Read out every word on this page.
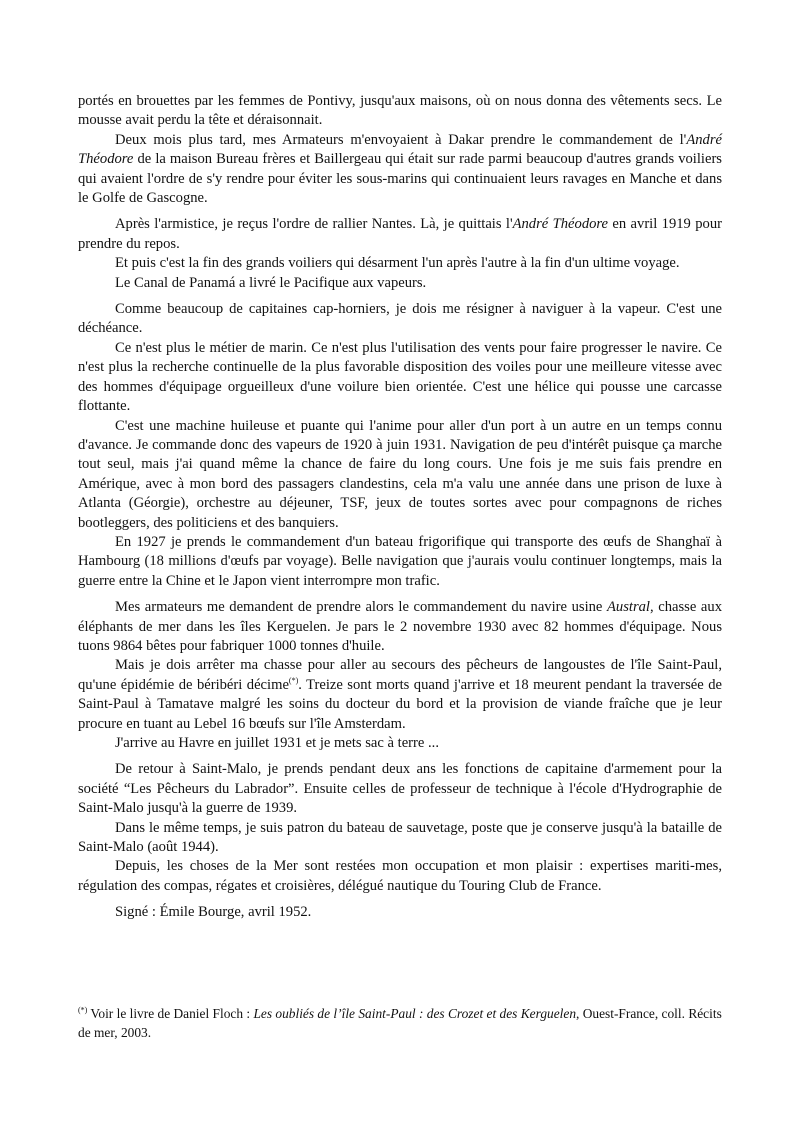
portés en brouettes par les femmes de Pontivy, jusqu'aux maisons, où on nous donna des vêtements secs. Le mousse avait perdu la tête et déraisonnait.

Deux mois plus tard, mes Armateurs m'envoyaient à Dakar prendre le commandement de l'André Théodore de la maison Bureau frères et Baillergeau qui était sur rade parmi beaucoup d'autres grands voiliers qui avaient l'ordre de s'y rendre pour éviter les sous-marins qui continuaient leurs ravages en Manche et dans le Golfe de Gascogne.

Après l'armistice, je reçus l'ordre de rallier Nantes. Là, je quittais l'André Théodore en avril 1919 pour prendre du repos.

Et puis c'est la fin des grands voiliers qui désarment l'un après l'autre à la fin d'un ultime voyage.

Le Canal de Panamá a livré le Pacifique aux vapeurs.

Comme beaucoup de capitaines cap-horniers, je dois me résigner à naviguer à la vapeur. C'est une déchéance.

Ce n'est plus le métier de marin. Ce n'est plus l'utilisation des vents pour faire progresser le navire. Ce n'est plus la recherche continuelle de la plus favorable disposition des voiles pour une meilleure vitesse avec des hommes d'équipage orgueilleux d'une voilure bien orientée. C'est une hélice qui pousse une carcasse flottante.

C'est une machine huileuse et puante qui l'anime pour aller d'un port à un autre en un temps connu d'avance. Je commande donc des vapeurs de 1920 à juin 1931. Navigation de peu d'intérêt puisque ça marche tout seul, mais j'ai quand même la chance de faire du long cours. Une fois je me suis fais prendre en Amérique, avec à mon bord des passagers clandestins, cela m'a valu une année dans une prison de luxe à Atlanta (Géorgie), orchestre au déjeuner, TSF, jeux de toutes sortes avec pour compagnons de riches bootleggers, des politiciens et des banquiers.

En 1927 je prends le commandement d'un bateau frigorifique qui transporte des œufs de Shanghaï à Hambourg (18 millions d'œufs par voyage). Belle navigation que j'aurais voulu continuer longtemps, mais la guerre entre la Chine et le Japon vient interrompre mon trafic.

Mes armateurs me demandent de prendre alors le commandement du navire usine Austral, chasse aux éléphants de mer dans les îles Kerguelen. Je pars le 2 novembre 1930 avec 82 hommes d'équipage. Nous tuons 9864 bêtes pour fabriquer 1000 tonnes d'huile.

Mais je dois arrêter ma chasse pour aller au secours des pêcheurs de langoustes de l'île Saint-Paul, qu'une épidémie de béribéri décime(*). Treize sont morts quand j'arrive et 18 meurent pendant la traversée de Saint-Paul à Tamatave malgré les soins du docteur du bord et la provision de viande fraîche que je leur procure en tuant au Lebel 16 bœufs sur l'île Amsterdam.

J'arrive au Havre en juillet 1931 et je mets sac à terre ...

De retour à Saint-Malo, je prends pendant deux ans les fonctions de capitaine d'armement pour la société “Les Pêcheurs du Labrador”. Ensuite celles de professeur de technique à l'école d'Hydrographie de Saint-Malo jusqu'à la guerre de 1939.

Dans le même temps, je suis patron du bateau de sauvetage, poste que je conserve jusqu'à la bataille de Saint-Malo (août 1944).

Depuis, les choses de la Mer sont restées mon occupation et mon plaisir : expertises mariti-mes, régulation des compas, régates et croisières, délégué nautique du Touring Club de France.

Signé : Émile Bourge, avril 1952.

(*) Voir le livre de Daniel Floch : Les oubliés de l’île Saint-Paul : des Crozet et des Kerguelen, Ouest-France, coll. Récits de mer, 2003.
